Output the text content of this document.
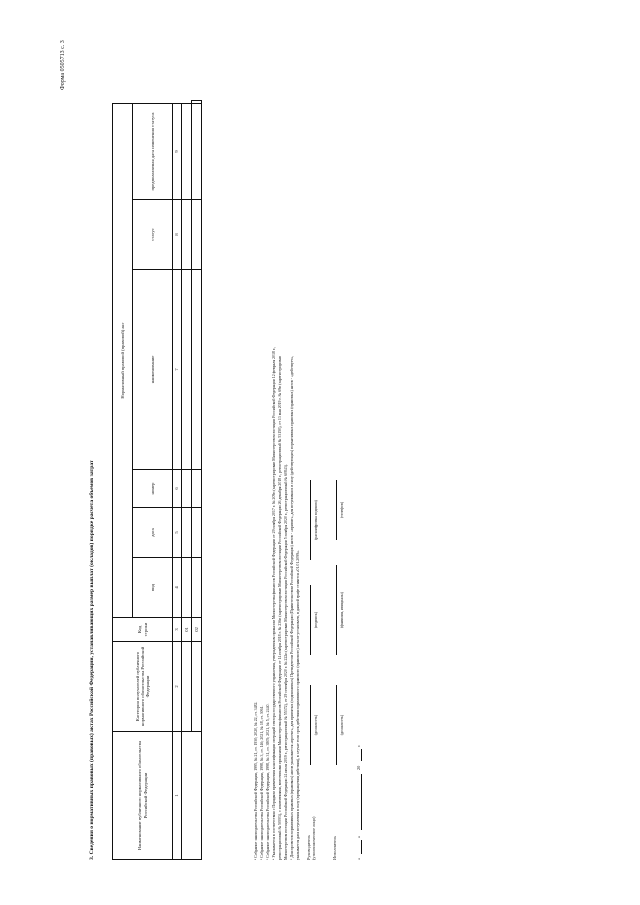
Форма 0505713 с. 3
3. Сведения о нормативных правовых (правовых) актах Российской Федерации, устанавливающих размер выплат (окладов) порядке расчета объемов затрат	Наименование публичного нормативного обязательства Российской Федерации	Категория получателей публичного нормативного обязательства Российской Федерации	Код строки	Нормативный правовой (правовой) акт						
			вид	дата	номер	наименование	статус	предполагаемая дата изменения статуса	
1	2	3	4	5	6	7	8	9	
		01							
		02							
¹ Собрание законодательства Российской Федерации, 1995, № 21, ст. 1930; 2020, № 22, ст. 3482. ² Собрание законодательства Российской Федерации, 1998, № 3, ст. 146; 2021, № 18, ст. 3061. ³ Собрание законодательства Российской Федерации, 1998, № 31, ст. 3805; 2021, № 5, ст. 2440. ⁴ Указывается в соответствии с Порядком применения классификации операций сектора государственного управления, утвержденным приказом Министерства финансов Российской Федерации от 29 ноября 2017 г. № 209н (зарегистрирован Министерством юстиции Российской Федерации 12 февраля 2018 г., регистрационный № 50003), с изменениями, внесенными приказами Министерства финансов Российской Федерации от 14 ноября 2018 г. № 236н (зарегистрирован Министерством юстиции Российской Федерации 26 декабря 2018 г., регистрационный № 53150), от 13 мая 2019 г. № 69н (зарегистрирован Министерством юстиции Российской Федерации 24 июля 2019 г., регистрационный № 55372), от 29 сентября 2020 г. № 222н (зарегистрирован Министерством юстиции Российской Федерации 5 ноября 2020 г., регистрационный № 60843). ⁵ Для проектов нормативных правовых (правовых) актов указывается «проект», для принятых (подписанных) Президентом Российской Федерации (Правительством Российской Федерации) актов - «принят», для вступивших в силу (действующих) нормативных правовых (правовых) актов - «действует», указывается дата вступления в силу (прекращения действия), в случае если срок действия нормативного правового (правового) акта не установлен, в данной графе ставится «01.01.2099». Руководитель (уполномоченное лицо)
(должность)
(подпись)
(расшифровка подписи)
Исполнитель
(должность)
(фамилия, инициалы)
(телефон)
«
»
20
г.
